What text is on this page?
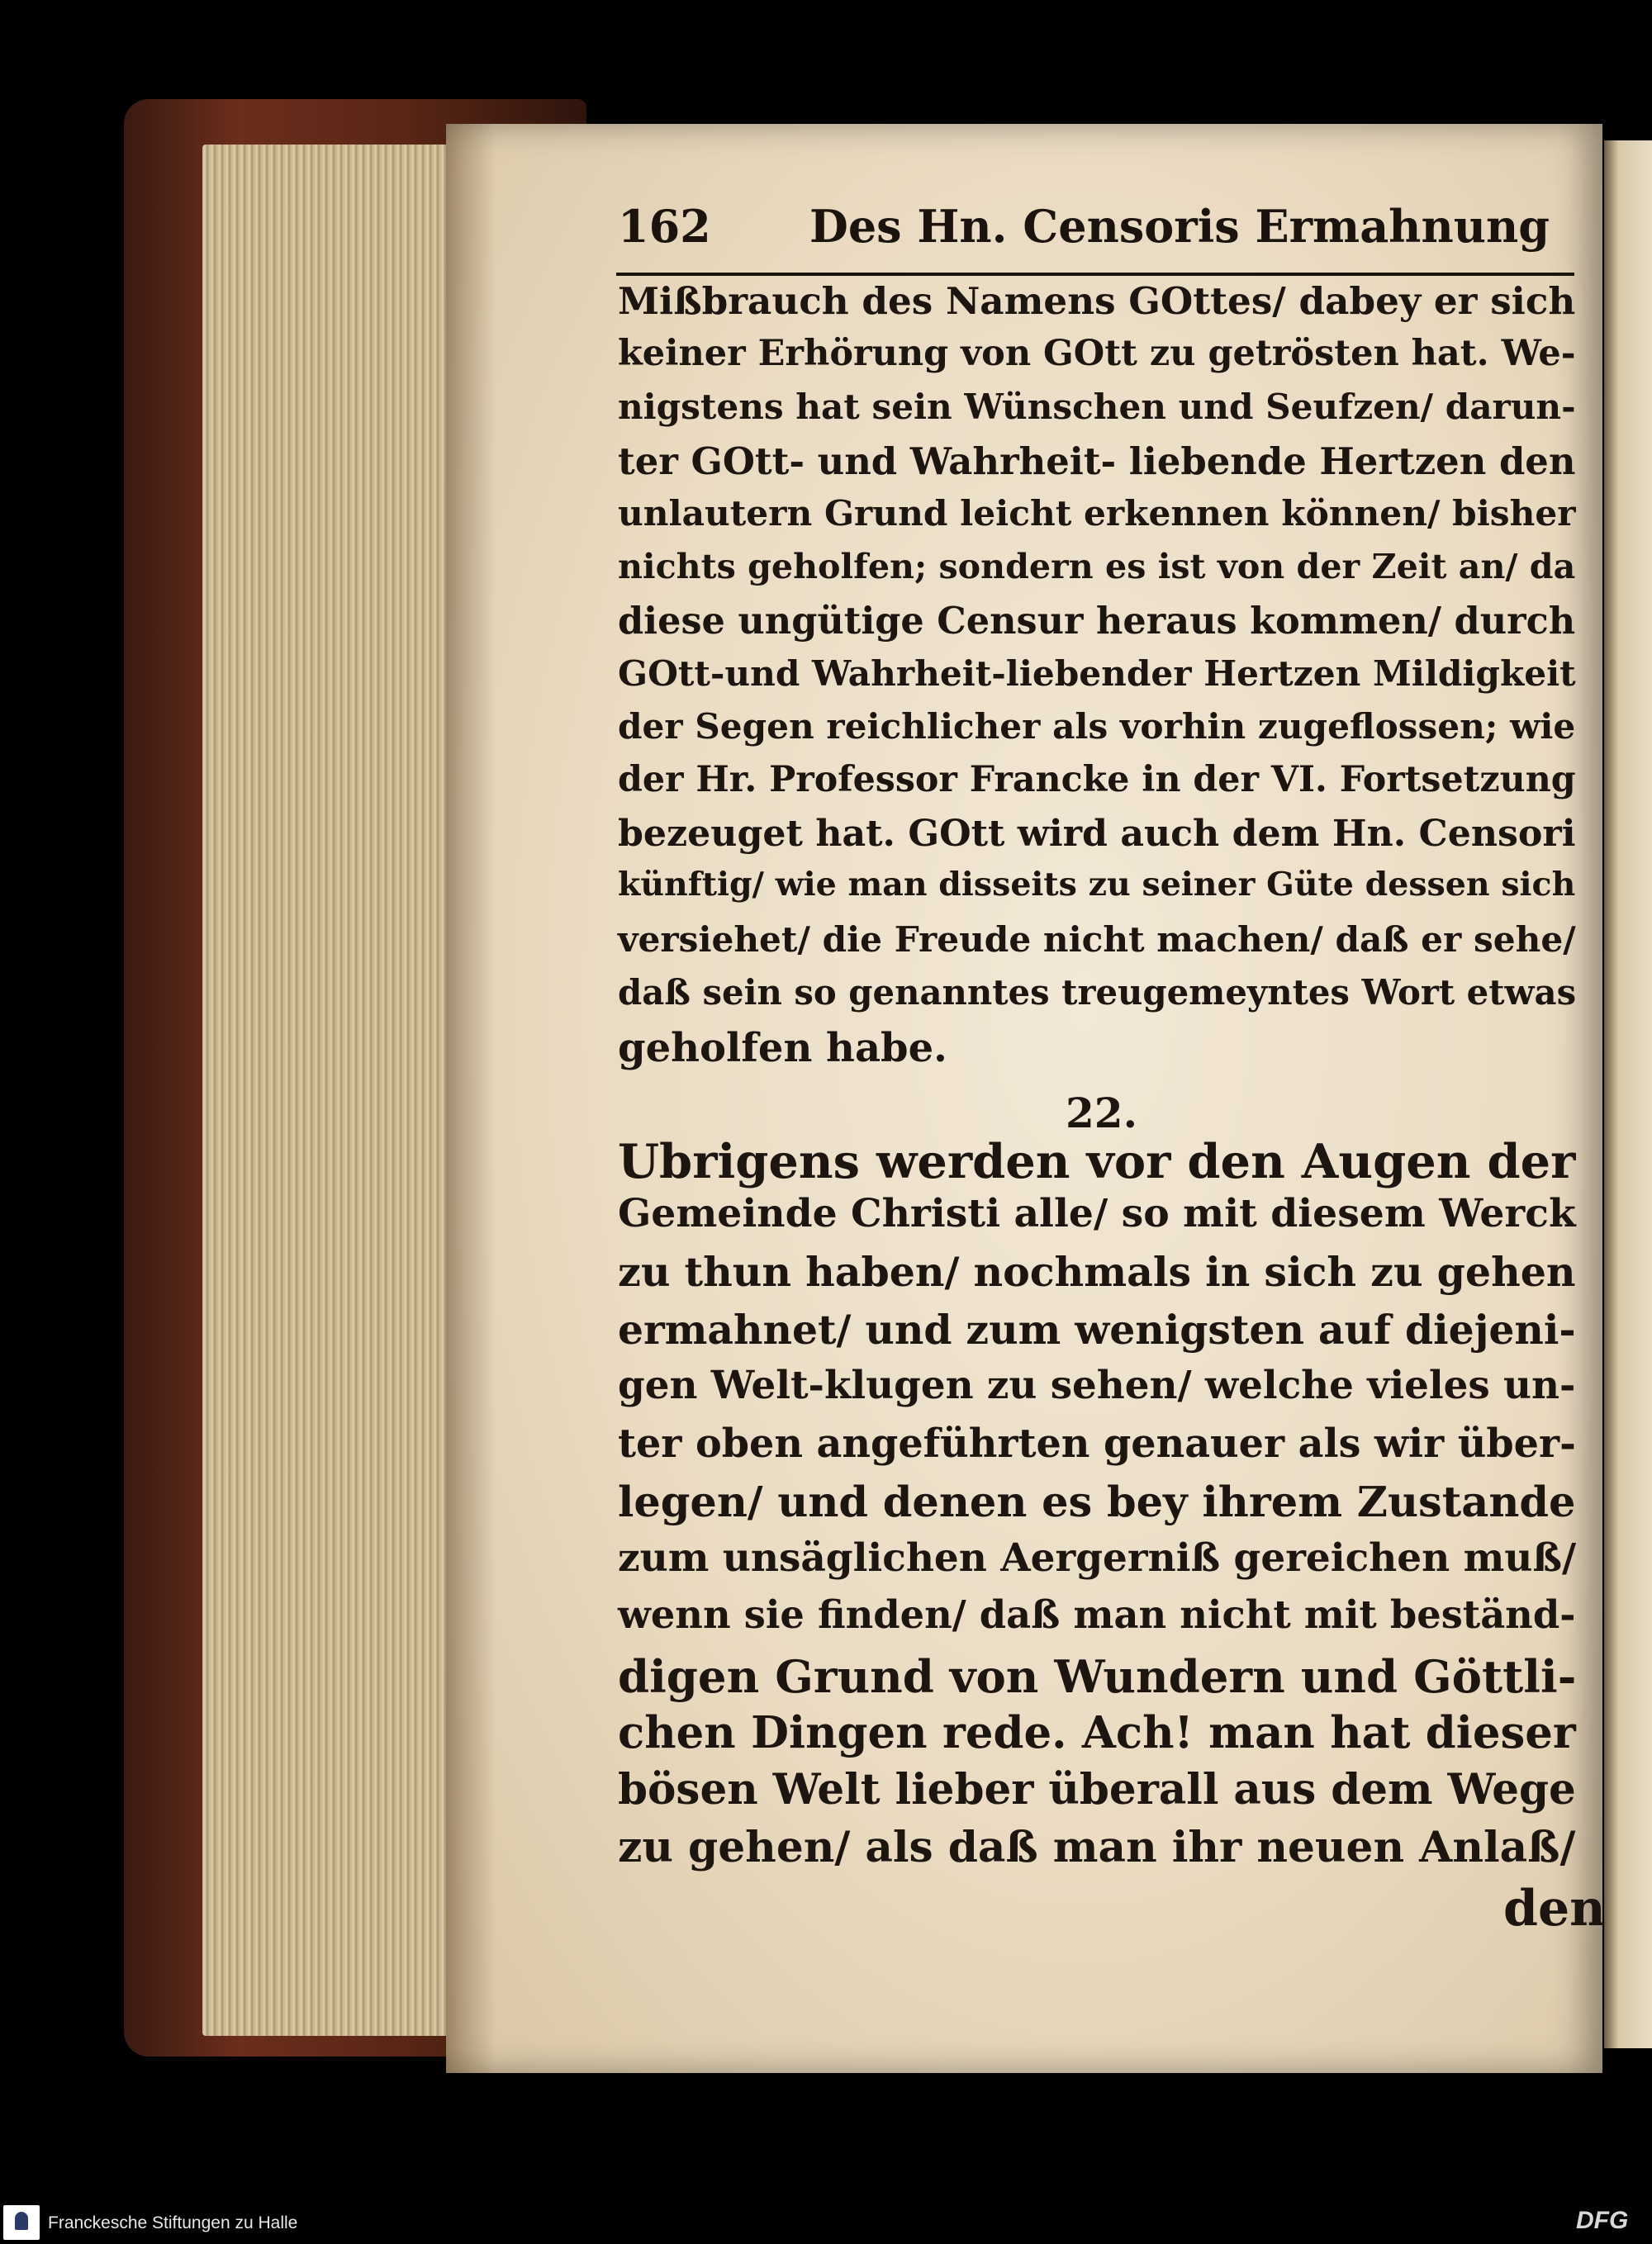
162 Des Hn. Censoris Ermahnung
Mißbrauch des Namens GOttes/ dabey er sich
keiner Erhörung von GOtt zu getrösten hat. We-
nigstens hat sein Wünschen und Seufzen/ darun-
ter GOtt- und Wahrheit- liebende Hertzen den
unlautern Grund leicht erkennen können/ bisher
nichts geholfen; sondern es ist von der Zeit an/ da
diese ungütige Censur heraus kommen/ durch
GOtt-und Wahrheit-liebender Hertzen Mildigkeit
der Segen reichlicher als vorhin zugeflossen; wie
der Hr. Professor Francke in der VI. Fortsetzung
bezeuget hat. GOtt wird auch dem Hn. Censori
künftig/ wie man disseits zu seiner Güte dessen sich
versiehet/ die Freude nicht machen/ daß er sehe/
daß sein so genanntes treugemeyntes Wort etwas
geholfen habe.
22.
Ubrigens werden vor den Augen der
Gemeinde Christi alle/ so mit diesem Werck
zu thun haben/ nochmals in sich zu gehen
ermahnet/ und zum wenigsten auf diejeni-
gen Welt-klugen zu sehen/ welche vieles un-
ter oben angeführten genauer als wir über-
legen/ und denen es bey ihrem Zustande
zum unsäglichen Aergerniß gereichen muß/
wenn sie finden/ daß man nicht mit beständ-
digen Grund von Wundern und Göttli-
chen Dingen rede. Ach! man hat dieser
bösen Welt lieber überall aus dem Wege
zu gehen/ als daß man ihr neuen Anlaß/
den
Franckesche Stiftungen zu Halle	DFG
